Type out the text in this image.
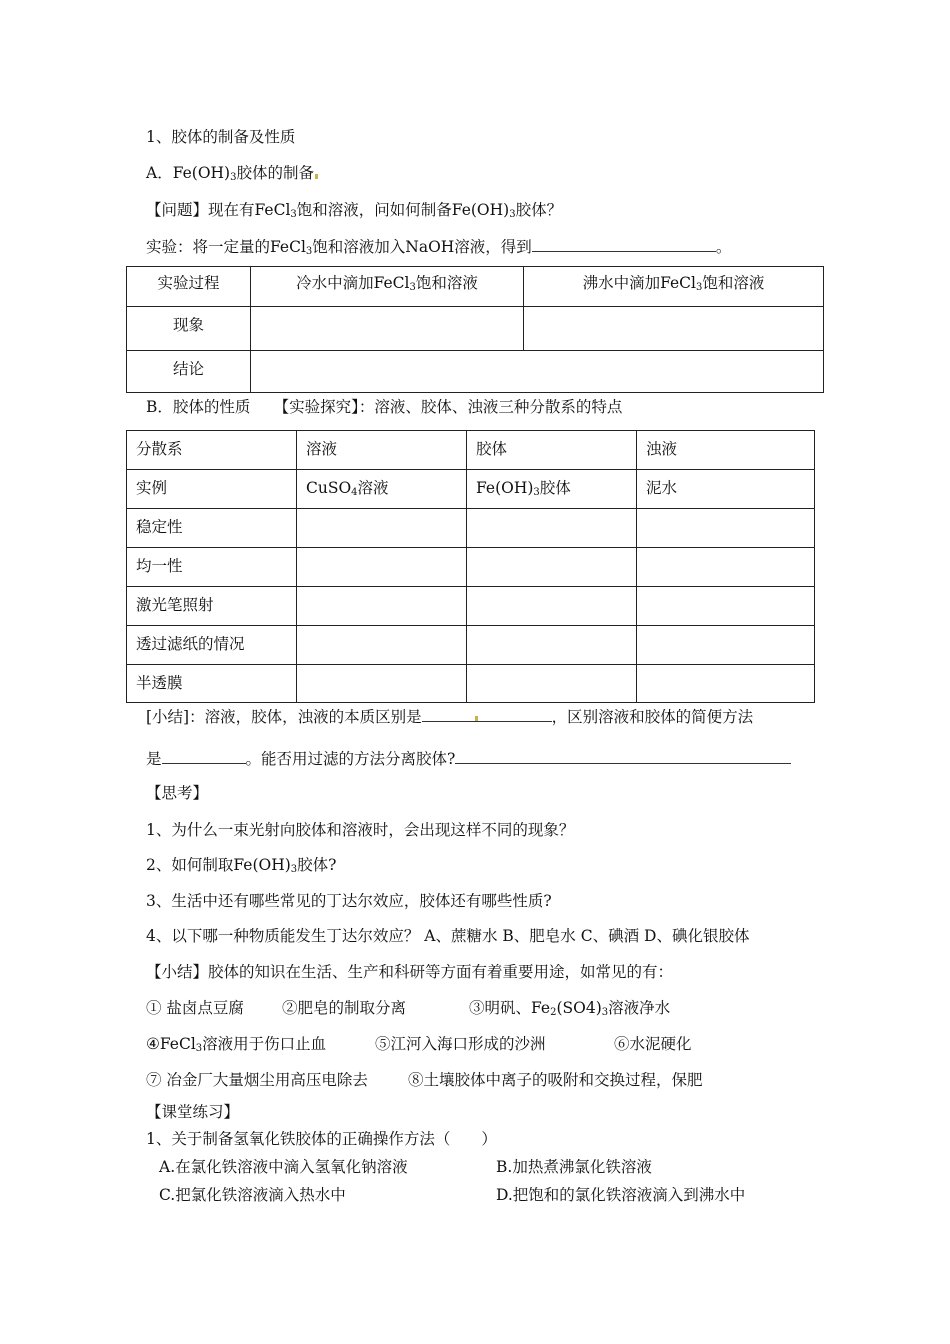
1、胶体的制备及性质
A．$Fe(OH)_3$胶体的制备
【问题】现在有FeCl$_3$饱和溶液，问如何制备$Fe(OH)_3$胶体？
实验：将一定量的FeCl$_3$饱和溶液加入NaOH溶液，得到	。
实验过程	冷水中滴加FeCl$_3$饱和溶液	沸水中滴加FeCl$_3$饱和溶液
现象		
结论		
B．胶体的性质　　【实验探究】：溶液、胶体、浊液三种分散系的特点
分散系	溶液	胶体	浊液
实例	CuSO$_4$溶液	$Fe(OH)_3$胶体	泥水
稳定性			
均一性			
激光笔照射			
透过滤纸的情况			
半透膜			
[小结]：溶液，胶体，浊液的本质区别是	，区别溶液和胶体的简便方法
是	。能否用过滤的方法分离胶体?
【思考】
1、为什么一束光射向胶体和溶液时，会出现这样不同的现象？
2、如何制取$Fe(OH)_3$胶体?
3、生活中还有哪些常见的丁达尔效应，胶体还有哪些性质?
4、以下哪一种物质能发生丁达尔效应？ A、蔗糖水 B、肥皂水 C、碘酒 D、碘化银胶体
【小结】胶体的知识在生活、生产和科研等方面有着重要用途，如常见的有：
① 盐卤点豆腐 ②肥皂的制取分离	③明矾、$Fe_2(SO4)_3$溶液净水
④FeCl$_3$溶液用于伤口止血	⑤江河入海口形成的沙洲	⑥水泥硬化
⑦ 冶金厂大量烟尘用高压电除去	⑧土壤胶体中离子的吸附和交换过程，保肥
【课堂练习】
1、关于制备氢氧化铁胶体的正确操作方法（　　）
A.在氯化铁溶液中滴入氢氧化钠溶液	B.加热煮沸氯化铁溶液
C.把氯化铁溶液滴入热水中	D.把饱和的氯化铁溶液滴入到沸水中
